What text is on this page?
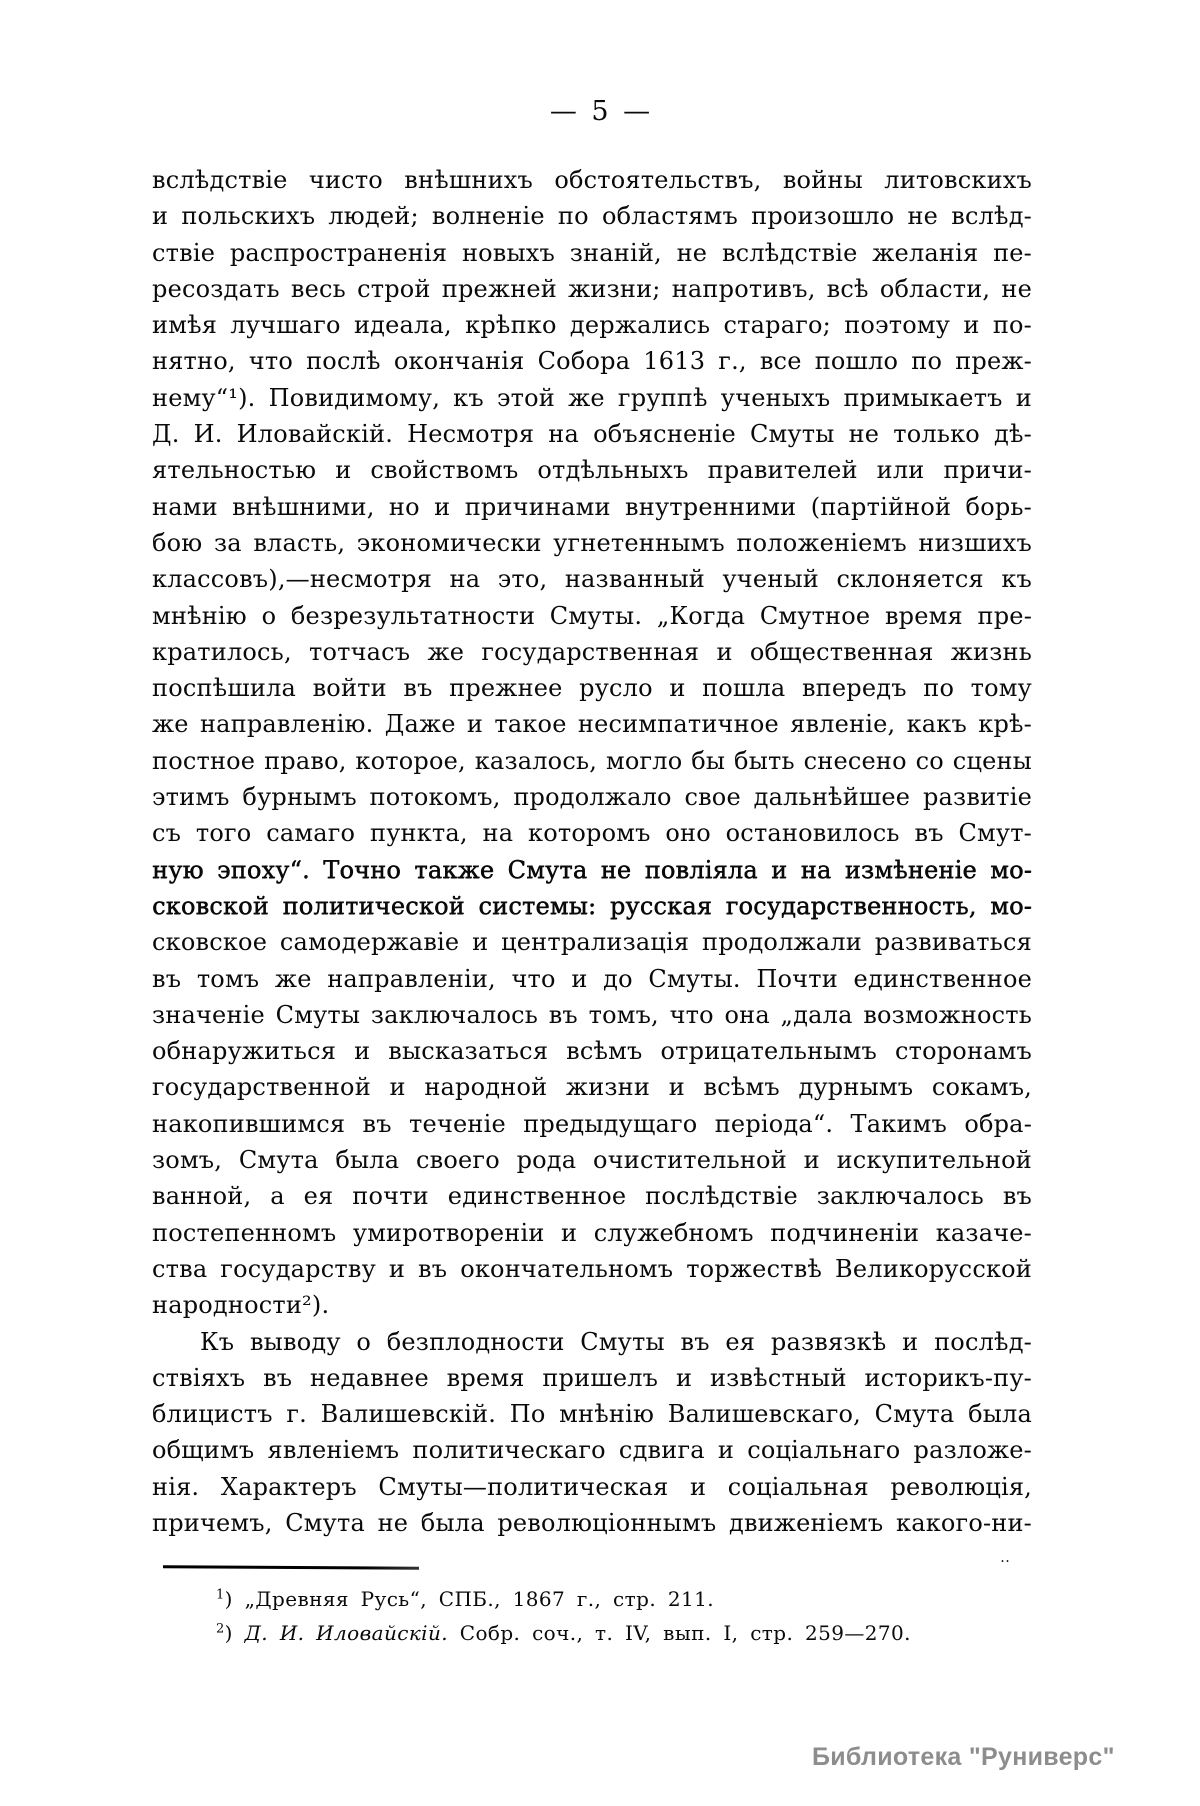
— 5 —
вслѣдствіе чисто внѣшнихъ обстоятельствъ, войны литовскихъ
и польскихъ людей; волненіе по областямъ произошло не вслѣд-
ствіе распространенія новыхъ знаній, не вслѣдствіе желанія пе-
ресоздать весь строй прежней жизни; напротивъ, всѣ области, не
имѣя лучшаго идеала, крѣпко держались стараго; поэтому и по-
нятно, что послѣ окончанія Собора 1613 г., все пошло по преж-
нему“¹). Повидимому, къ этой же группѣ ученыхъ примыкаетъ и
Д. И. Иловайскій. Несмотря на объясненіе Смуты не только дѣ-
ятельностью и свойствомъ отдѣльныхъ правителей или причи-
нами внѣшними, но и причинами внутренними (партійной борь-
бою за власть, экономически угнетеннымъ положеніемъ низшихъ
классовъ),—несмотря на это, названный ученый склоняется къ
мнѣнію о безрезультатности Смуты. „Когда Смутное время пре-
кратилось, тотчасъ же государственная и общественная жизнь
поспѣшила войти въ прежнее русло и пошла впередъ по тому
же направленію. Даже и такое несимпатичное явленіе, какъ крѣ-
постное право, которое, казалось, могло бы быть снесено со сцены
этимъ бурнымъ потокомъ, продолжало свое дальнѣйшее развитіе
съ того самаго пункта, на которомъ оно остановилось въ Смут-
ную эпоху“. Точно также Смута не повліяла и на измѣненіе мо-
сковской политической системы: русская государственность, мо-
сковское самодержавіе и централизація продолжали развиваться
въ томъ же направленіи, что и до Смуты. Почти единственное
значеніе Смуты заключалось въ томъ, что она „дала возможность
обнаружиться и высказаться всѣмъ отрицательнымъ сторонамъ
государственной и народной жизни и всѣмъ дурнымъ сокамъ,
накопившимся въ теченіе предыдущаго періода“. Такимъ обра-
зомъ, Смута была своего рода очистительной и искупительной
ванной, а ея почти единственное послѣдствіе заключалось въ
постепенномъ умиротвореніи и служебномъ подчиненіи казаче-
ства государству и въ окончательномъ торжествѣ Великорусской
народности²).
Къ выводу о безплодности Смуты въ ея развязкѣ и послѣд-
ствіяхъ въ недавнее время пришелъ и извѣстный историкъ-пу-
блицистъ г. Валишевскій. По мнѣнію Валишевскаго, Смута была
общимъ явленіемъ политическаго сдвига и соціальнаго разложе-
нія. Характеръ Смуты—политическая и соціальная революція,
причемъ, Смута не была революціоннымъ движеніемъ какого-ни-
‥
$^1$) „Древняя Русь“, СПБ., 1867 г., стр. 211.
$^2$) Д. И. Иловайскій. Собр. соч., т. IV, вып. I, стр. 259—270.
Библиотека "Руниверс"
